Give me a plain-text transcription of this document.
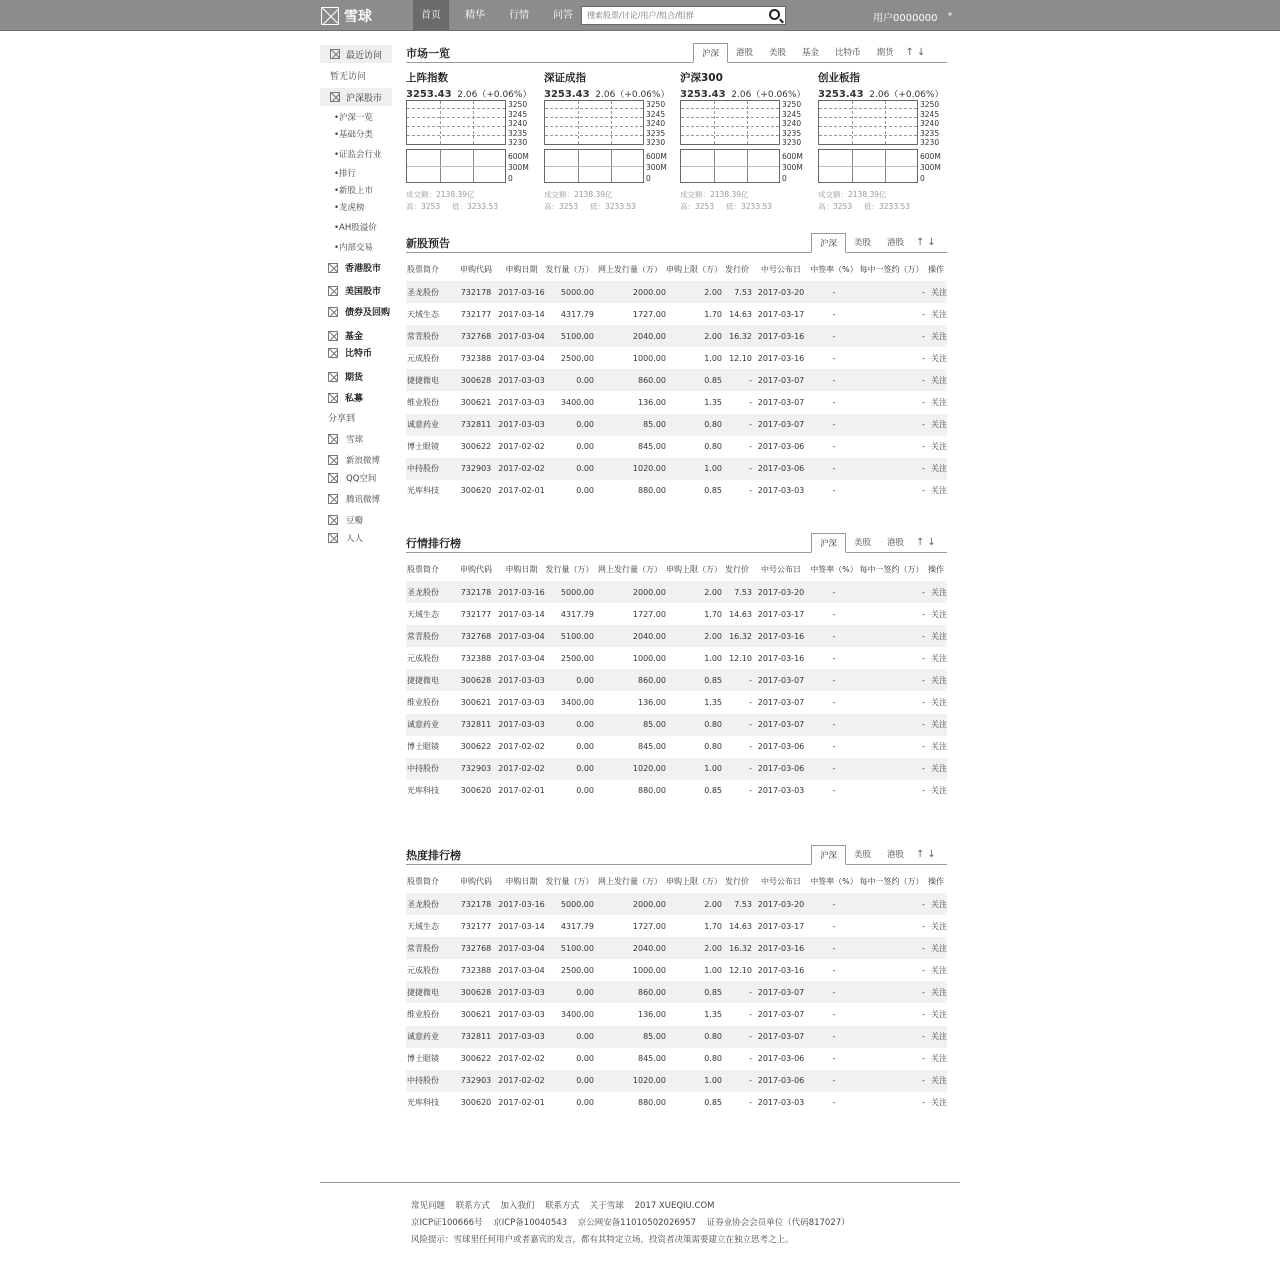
雪球	首页	精华	行情	问答
搜索股票/讨论/用户/组合/组群	用户0000000 ▾
最近访问
暂无访问
沪深股市
•沪深一览
•基础分类
•证监会行业
•排行
•新股上市
•龙虎榜
•AH股溢价
•内部交易
香港股市
美国股市
债券及回购
基金
比特币
期货
私募
分享到
雪球
新浪微博
QQ空间
腾讯微博
豆瓣
人人
市场一览	沪深	港股	美股	基金	比特币	期货	↑↓
上阵指数
3253.43 2.06（+0.06%）
3250
3245
3240
3235
3230
600M
300M
0
成交额：2138.39亿
高：3253 低：3233.53
深证成指
3253.43 2.06（+0.06%）
3250
3245
3240
3235
3230
600M
300M
0
成交额：2138.39亿
高：3253 低：3233.53
沪深300
3253.43 2.06（+0.06%）
3250
3245
3240
3235
3230
600M
300M
0
成交额：2138.39亿
高：3253 低：3233.53
创业板指
3253.43 2.06（+0.06%）
3250
3245
3240
3235
3230
600M
300M
0
成交额：2138.39亿
高：3253 低：3233.53
新股预告	沪深	美股	港股	↑↓
股票简介	申购代码	申购日期	发行量（万）	网上发行量（万）	申购上限（万）	发行价	中号公布日	中签率（%）	每中一签约（万）	操作
圣龙股份	732178	2017-03-16	5000.00	2000.00	2.00	7.53	2017-03-20	-	-	关注
天域生态	732177	2017-03-14	4317.79	1727.00	1.70	14.63	2017-03-17	-	-	关注
常青股份	732768	2017-03-04	5100.00	2040.00	2.00	16.32	2017-03-16	-	-	关注
元成股份	732388	2017-03-04	2500.00	1000.00	1.00	12.10	2017-03-16	-	-	关注
捷捷微电	300628	2017-03-03	0.00	860.00	0.85	-	2017-03-07	-	-	关注
维业股份	300621	2017-03-03	3400.00	136.00	1.35	-	2017-03-07	-	-	关注
诚意药业	732811	2017-03-03	0.00	85.00	0.80	-	2017-03-07	-	-	关注
博士眼镜	300622	2017-02-02	0.00	845.00	0.80	-	2017-03-06	-	-	关注
中持股份	732903	2017-02-02	0.00	1020.00	1.00	-	2017-03-06	-	-	关注
光库科技	300620	2017-02-01	0.00	880.00	0.85	-	2017-03-03	-	-	关注
行情排行榜	沪深	美股	港股	↑↓
股票简介	申购代码	申购日期	发行量（万）	网上发行量（万）	申购上限（万）	发行价	中号公布日	中签率（%）	每中一签约（万）	操作
圣龙股份	732178	2017-03-16	5000.00	2000.00	2.00	7.53	2017-03-20	-	-	关注
天域生态	732177	2017-03-14	4317.79	1727.00	1.70	14.63	2017-03-17	-	-	关注
常青股份	732768	2017-03-04	5100.00	2040.00	2.00	16.32	2017-03-16	-	-	关注
元成股份	732388	2017-03-04	2500.00	1000.00	1.00	12.10	2017-03-16	-	-	关注
捷捷微电	300628	2017-03-03	0.00	860.00	0.85	-	2017-03-07	-	-	关注
维业股份	300621	2017-03-03	3400.00	136.00	1.35	-	2017-03-07	-	-	关注
诚意药业	732811	2017-03-03	0.00	85.00	0.80	-	2017-03-07	-	-	关注
博士眼镜	300622	2017-02-02	0.00	845.00	0.80	-	2017-03-06	-	-	关注
中持股份	732903	2017-02-02	0.00	1020.00	1.00	-	2017-03-06	-	-	关注
光库科技	300620	2017-02-01	0.00	880.00	0.85	-	2017-03-03	-	-	关注
热度排行榜	沪深	美股	港股	↑↓
股票简介	申购代码	申购日期	发行量（万）	网上发行量（万）	申购上限（万）	发行价	中号公布日	中签率（%）	每中一签约（万）	操作
圣龙股份	732178	2017-03-16	5000.00	2000.00	2.00	7.53	2017-03-20	-	-	关注
天域生态	732177	2017-03-14	4317.79	1727.00	1.70	14.63	2017-03-17	-	-	关注
常青股份	732768	2017-03-04	5100.00	2040.00	2.00	16.32	2017-03-16	-	-	关注
元成股份	732388	2017-03-04	2500.00	1000.00	1.00	12.10	2017-03-16	-	-	关注
捷捷微电	300628	2017-03-03	0.00	860.00	0.85	-	2017-03-07	-	-	关注
维业股份	300621	2017-03-03	3400.00	136.00	1.35	-	2017-03-07	-	-	关注
诚意药业	732811	2017-03-03	0.00	85.00	0.80	-	2017-03-07	-	-	关注
博士眼镜	300622	2017-02-02	0.00	845.00	0.80	-	2017-03-06	-	-	关注
中持股份	732903	2017-02-02	0.00	1020.00	1.00	-	2017-03-06	-	-	关注
光库科技	300620	2017-02-01	0.00	880.00	0.85	-	2017-03-03	-	-	关注
常见问题 联系方式 加入我们 联系方式 关于雪球 2017 XUEQIU.COM
京ICP证100666号 京ICP备10040543 京公网安备11010502026957 证券业协会会员单位（代码817027）
风险提示：雪球里任何用户或者嘉宾的发言，都有其特定立场，投资者决策需要建立在独立思考之上。
